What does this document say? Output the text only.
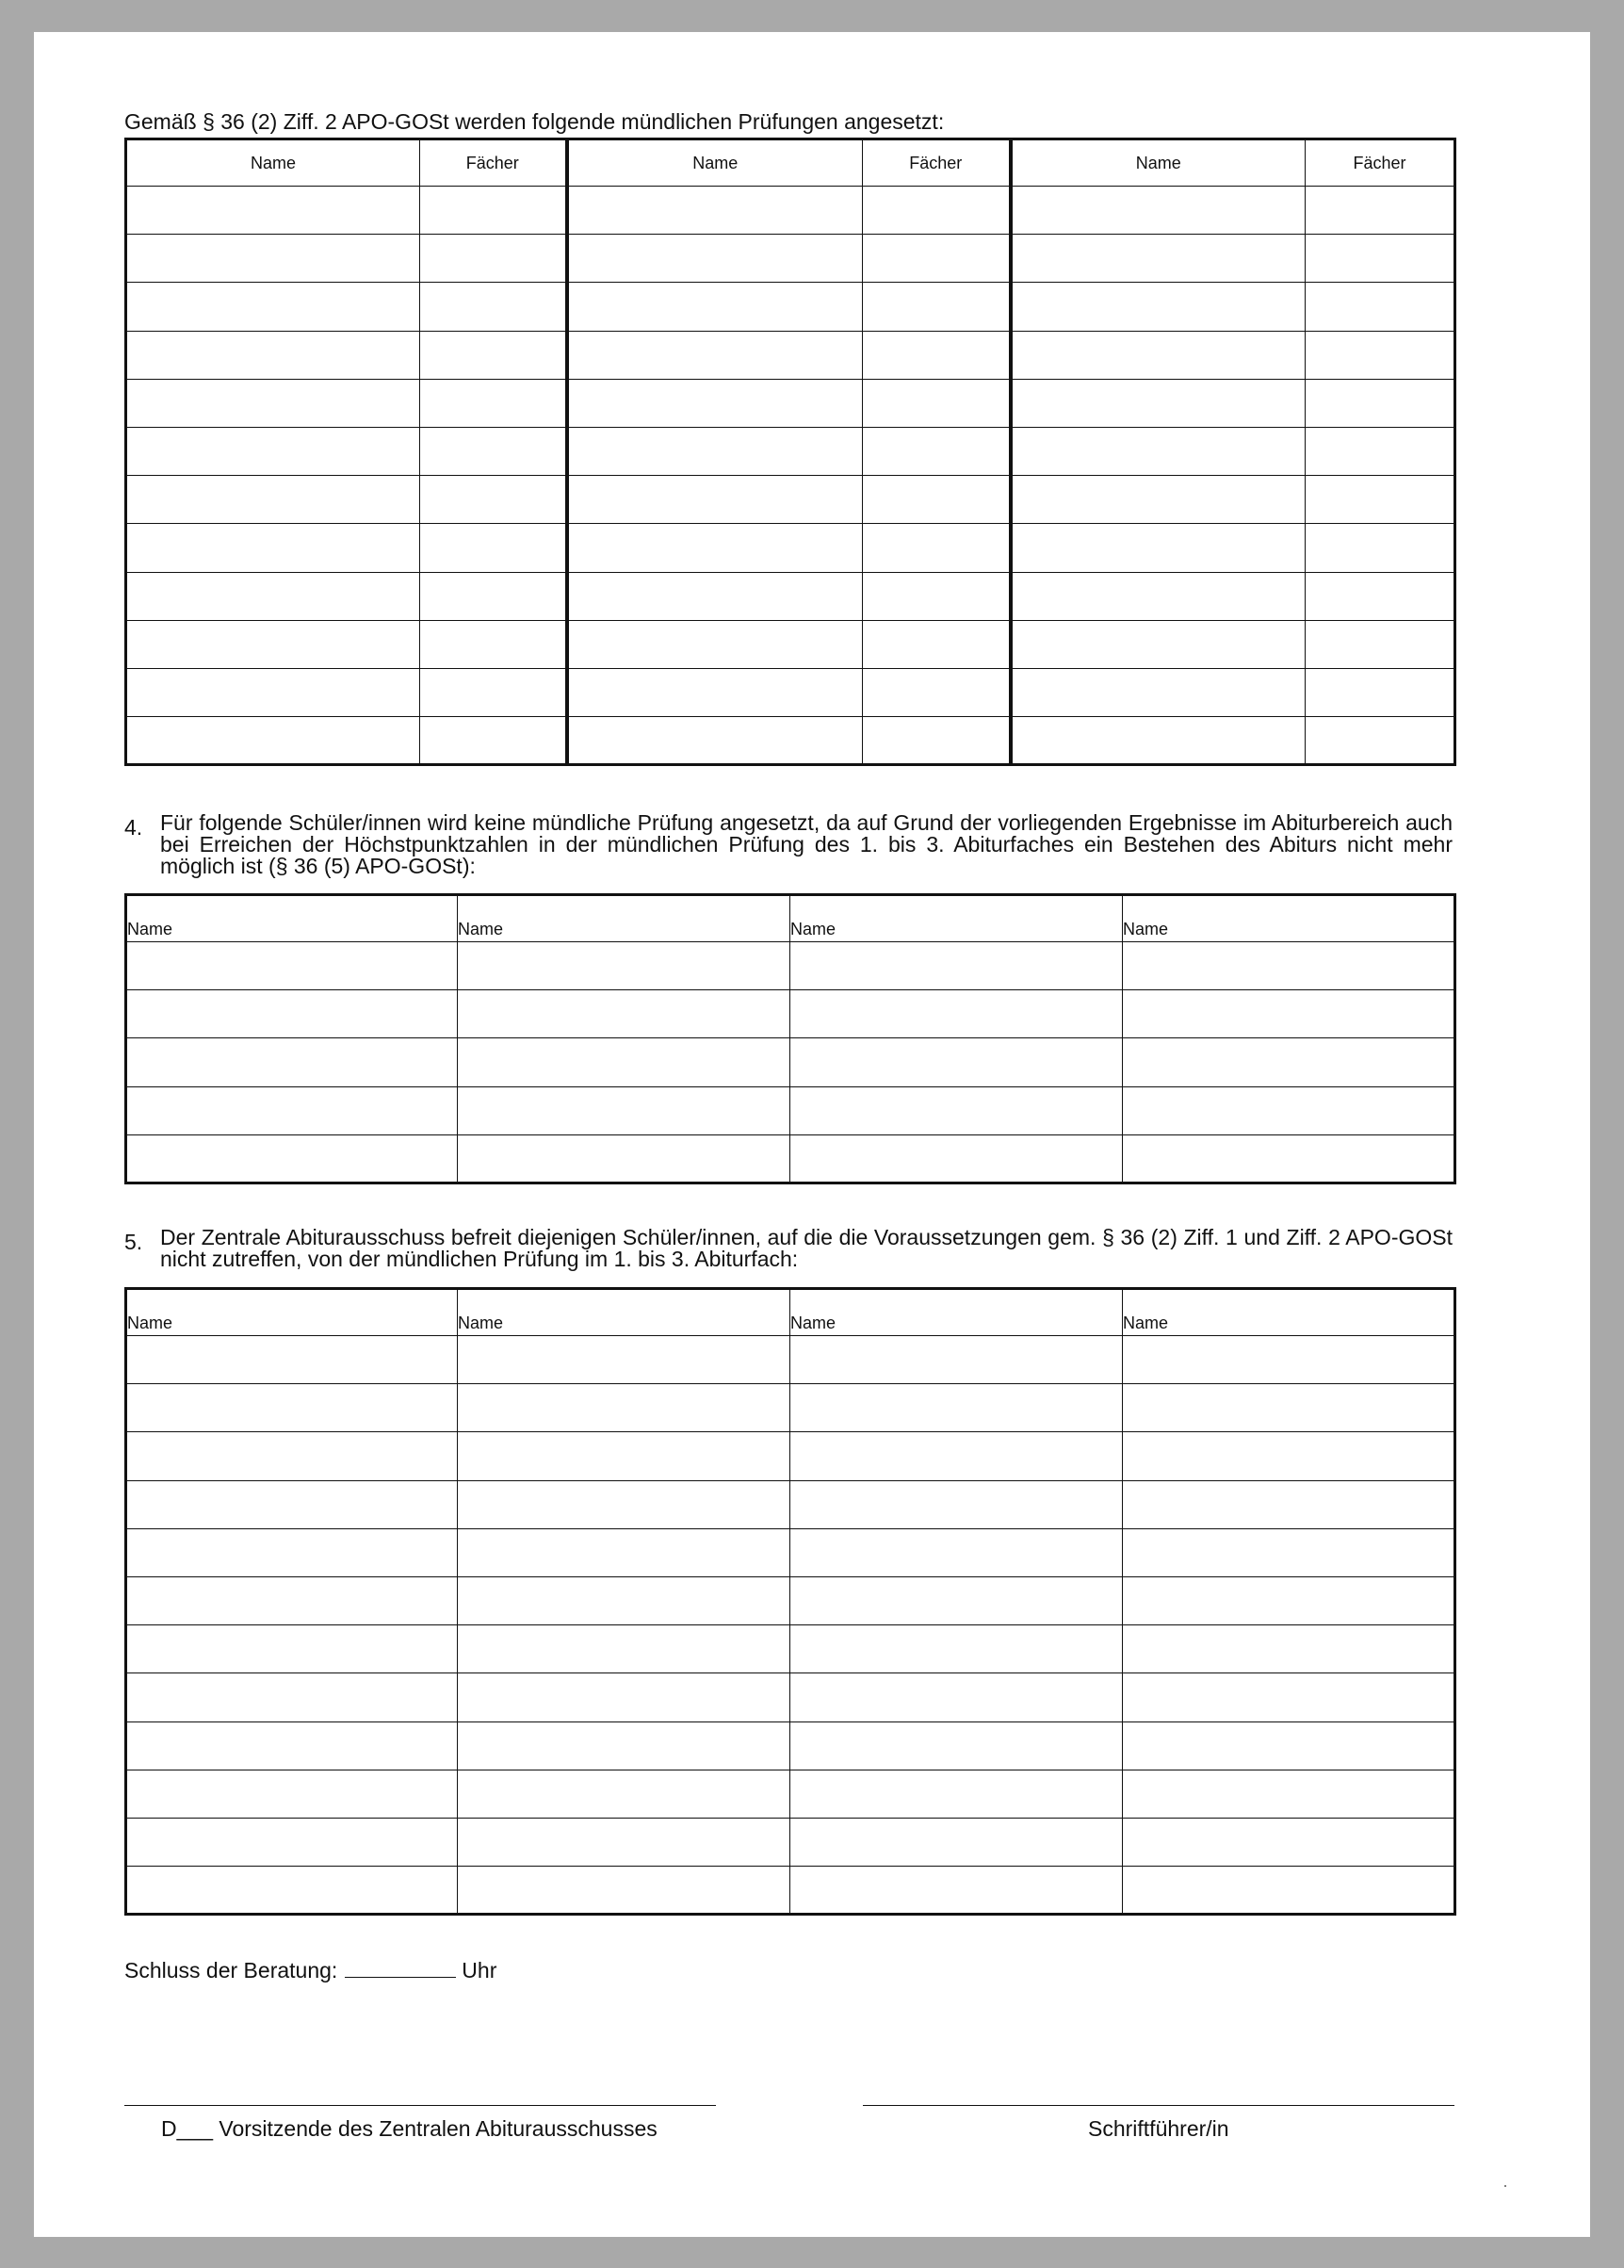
Gemäß § 36 (2) Ziff. 2 APO-GOSt werden folgende mündlichen Prüfungen angesetzt:
Name	Fächer	Name	Fächer	Name	Fächer

4. Für folgende Schüler/innen wird keine mündliche Prüfung angesetzt, da auf Grund der vorliegenden Ergebnisse im Abiturbereich auch bei Erreichen der Höchstpunktzahlen in der mündlichen Prüfung des 1. bis 3. Abiturfaches ein Bestehen des Abiturs nicht mehr möglich ist (§ 36 (5) APO-GOSt):
Name	Name	Name	Name

5. Der Zentrale Abiturausschuss befreit diejenigen Schüler/innen, auf die die Voraussetzungen gem. § 36 (2) Ziff. 1 und Ziff. 2 APO-GOSt nicht zutreffen, von der mündlichen Prüfung im 1. bis 3. Abiturfach:
Name	Name	Name	Name

Schluss der Beratung:	Uhr
D___ Vorsitzende des Zentralen Abiturausschusses	Schriftführer/in
